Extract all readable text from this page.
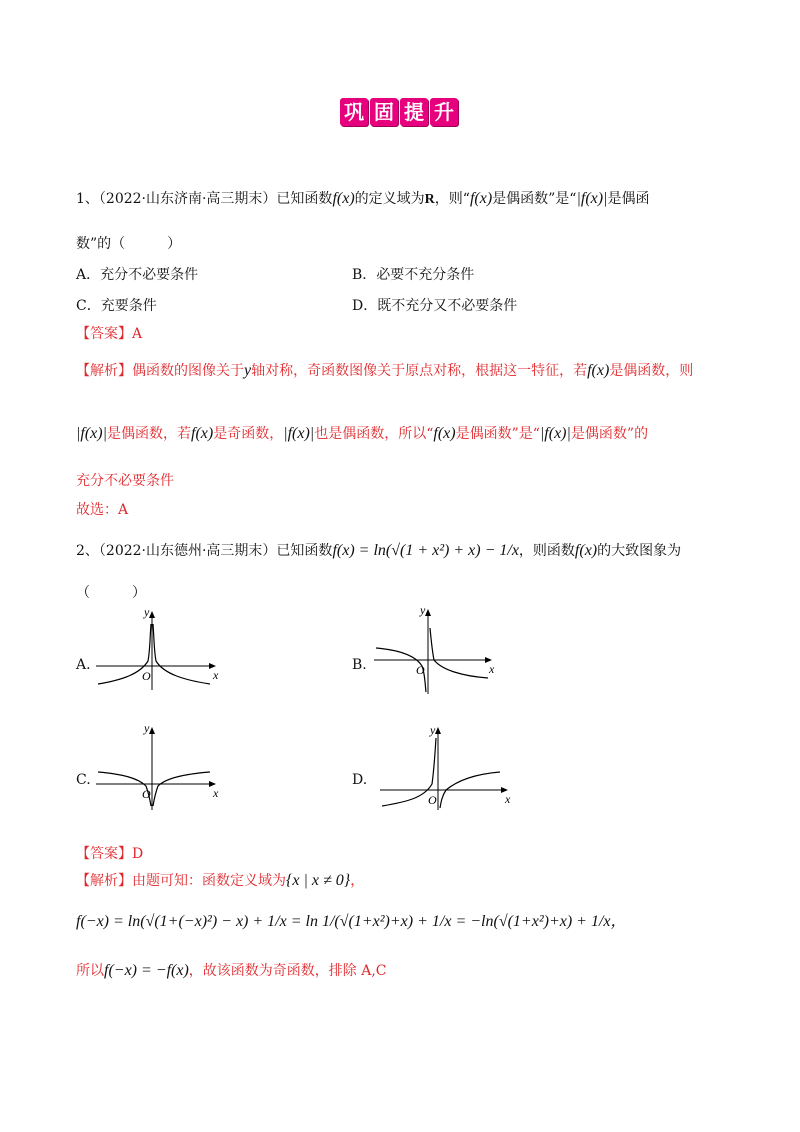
巩 固 提 升
1、（2022·山东济南·高三期末）已知函数f(x)的定义域为R，则“f(x)是偶函数”是“|f(x)|是偶函
数”的（　　　）
A．充分不必要条件	B．必要不充分条件
C．充要条件	D．既不充分又不必要条件
【答案】A
【解析】偶函数的图像关于y轴对称，奇函数图像关于原点对称，根据这一特征，若f(x)是偶函数，则
|f(x)|是偶函数，若f(x)是奇函数，|f(x)|也是偶函数，所以“f(x)是偶函数”是“|f(x)|是偶函数”的
充分不必要条件
故选：A
2、（2022·山东德州·高三期末）已知函数f(x) = ln(√(1 + x²) + x) − 1/x，则函数f(x)的大致图象为
（　　　）
A.
y
x
O
B.
y
x
O
C.
y
x
O
D.
y
x
O
【答案】D
【解析】由题可知：函数定义域为{x | x ≠ 0}，
f(−x) = ln(√(1+(−x)²) − x) + 1/x = ln 1/(√(1+x²)+x) + 1/x = −ln(√(1+x²)+x) + 1/x，
所以f(−x) = −f(x)，故该函数为奇函数，排除 A,C
